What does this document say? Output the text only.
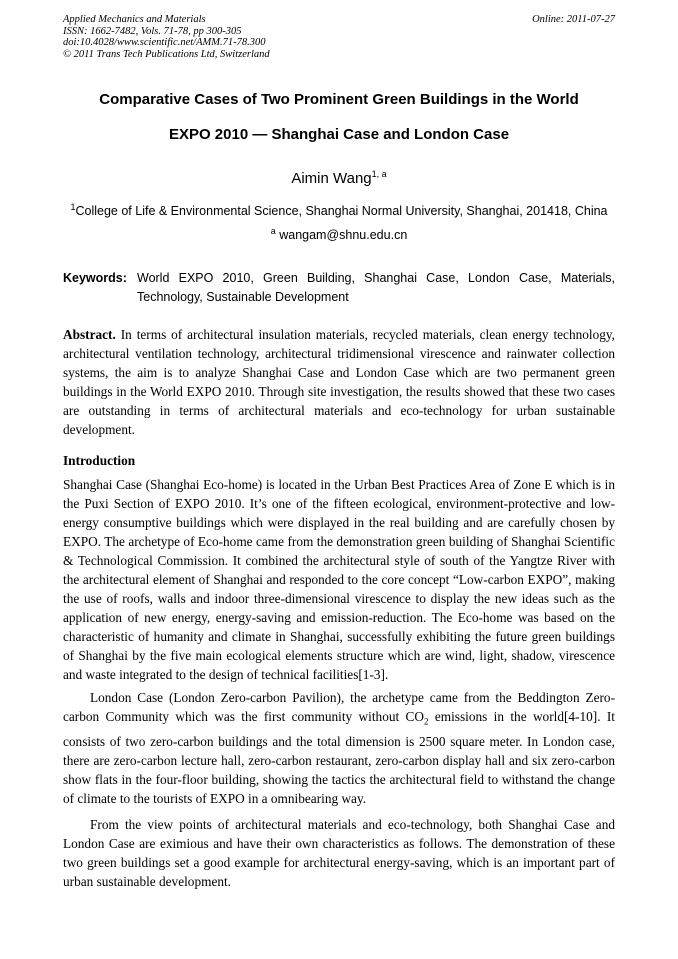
Applied Mechanics and Materials
ISSN: 1662-7482, Vols. 71-78, pp 300-305
doi:10.4028/www.scientific.net/AMM.71-78.300
© 2011 Trans Tech Publications Ltd, Switzerland
Online: 2011-07-27
Comparative Cases of Two Prominent Green Buildings in the World
EXPO 2010 — Shanghai Case and London Case
Aimin Wang$^{1, a}$
$^1$College of Life & Environmental Science, Shanghai Normal University, Shanghai, 201418, China
$^a$ wangam@shnu.edu.cn
Keywords: World EXPO 2010, Green Building, Shanghai Case, London Case, Materials, Technology, Sustainable Development

Abstract. In terms of architectural insulation materials, recycled materials, clean energy technology, architectural ventilation technology, architectural tridimensional virescence and rainwater collection systems, the aim is to analyze Shanghai Case and London Case which are two permanent green buildings in the World EXPO 2010. Through site investigation, the results showed that these two cases are outstanding in terms of architectural materials and eco-technology for urban sustainable development.

Introduction

Shanghai Case (Shanghai Eco-home) is located in the Urban Best Practices Area of Zone E which is in the Puxi Section of EXPO 2010. It’s one of the fifteen ecological, environment-protective and low-energy consumptive buildings which were displayed in the real building and are carefully chosen by EXPO. The archetype of Eco-home came from the demonstration green building of Shanghai Scientific & Technological Commission. It combined the architectural style of south of the Yangtze River with the architectural element of Shanghai and responded to the core concept “Low-carbon EXPO”, making the use of roofs, walls and indoor three-dimensional virescence to display the new ideas such as the application of new energy, energy-saving and emission-reduction. The Eco-home was based on the characteristic of humanity and climate in Shanghai, successfully exhibiting the future green buildings of Shanghai by the five main ecological elements structure which are wind, light, shadow, virescence and waste integrated to the design of technical facilities[1-3].

London Case (London Zero-carbon Pavilion), the archetype came from the Beddington Zero-carbon Community which was the first community without $CO_2$ emissions in the world[4-10]. It consists of two zero-carbon buildings and the total dimension is 2500 square meter. In London case, there are zero-carbon lecture hall, zero-carbon restaurant, zero-carbon display hall and six zero-carbon show flats in the four-floor building, showing the tactics the architectural field to withstand the change of climate to the tourists of EXPO in a omnibearing way.

From the view points of architectural materials and eco-technology, both Shanghai Case and London Case are eximious and have their own characteristics as follows. The demonstration of these two green buildings set a good example for architectural energy-saving, which is an important part of urban sustainable development.
